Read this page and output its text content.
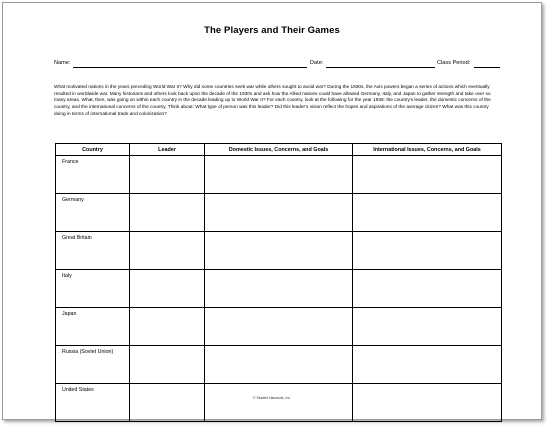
The Players and Their Games
Name:	Date:	Class Period:
What motivated nations in the years preceding World War II? Why did some countries seek war while others sought to avoid war? During the 1930s, the Axis powers began a series of actions which eventually resulted in worldwide war. Many historians and others look back upon the decade of the 1930s and ask how the Allied nations could have allowed Germany, Italy, and Japan to gather strength and take over so many areas. What, then, was going on within each country in the decade leading up to World War II? For each country, look at the following for the year 1938: the country's leader, the domestic concerns of the country, and the international concerns of the country. Think about: What type of person was this leader? Did this leader's vision reflect the hopes and aspirations of the average citizen? What was this country doing in terms of international trade and colonization?
Country	Leader	Domestic Issues, Concerns, and Goals	International Issues, Concerns, and Goals
France			
Germany			
Great Britain			
Italy			
Japan			
Russia (Soviet Union)			
United States			
© Student Handouts, Inc.
